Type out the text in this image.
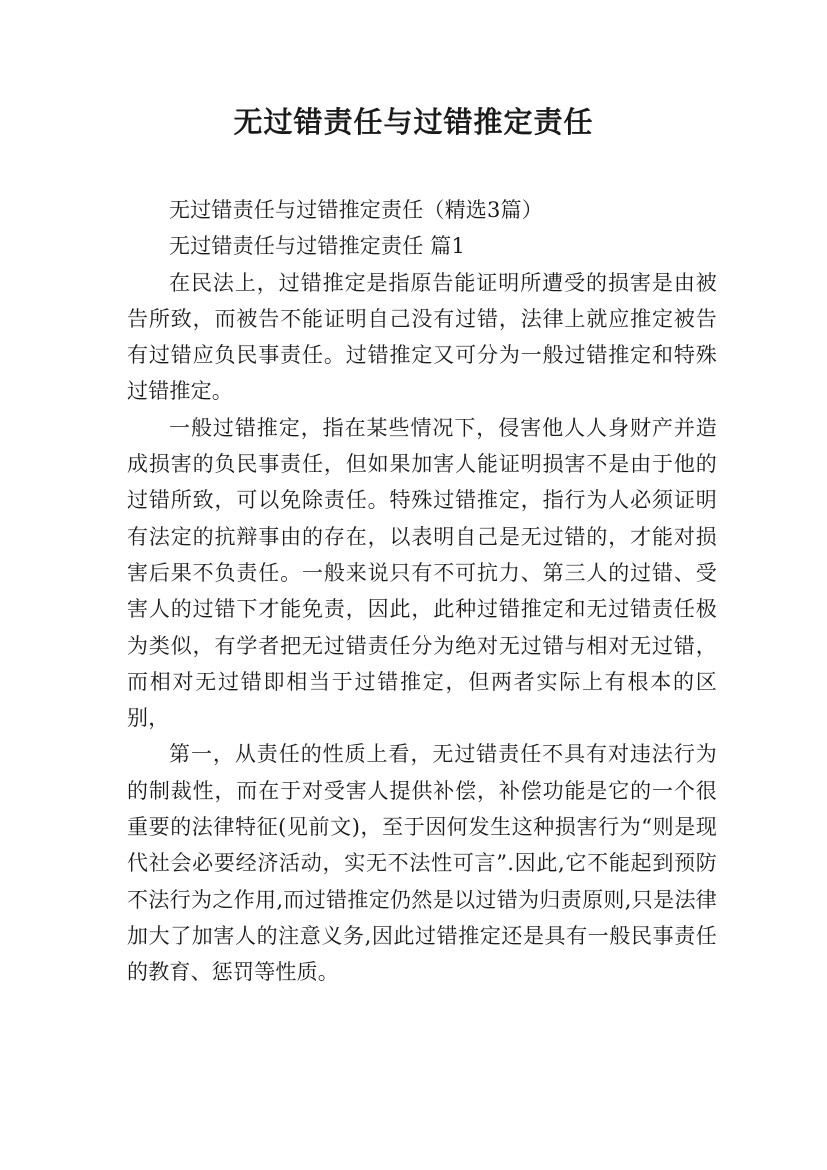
无过错责任与过错推定责任

无过错责任与过错推定责任（精选3篇）

无过错责任与过错推定责任 篇1

在民法上，过错推定是指原告能证明所遭受的损害是由被告所致，而被告不能证明自己没有过错，法律上就应推定被告有过错应负民事责任。过错推定又可分为一般过错推定和特殊过错推定。

一般过错推定，指在某些情况下，侵害他人人身财产并造成损害的负民事责任，但如果加害人能证明损害不是由于他的过错所致，可以免除责任。特殊过错推定，指行为人必须证明有法定的抗辩事由的存在，以表明自己是无过错的，才能对损害后果不负责任。一般来说只有不可抗力、第三人的过错、受害人的过错下才能免责，因此，此种过错推定和无过错责任极为类似，有学者把无过错责任分为绝对无过错与相对无过错，而相对无过错即相当于过错推定，但两者实际上有根本的区别，

第一，从责任的性质上看，无过错责任不具有对违法行为的制裁性，而在于对受害人提供补偿，补偿功能是它的一个很重要的法律特征(见前文)，至于因何发生这种损害行为“则是现代社会必要经济活动，实无不法性可言”.因此,它不能起到预防不法行为之作用,而过错推定仍然是以过错为归责原则,只是法律加大了加害人的注意义务,因此过错推定还是具有一般民事责任的教育、惩罚等性质。
